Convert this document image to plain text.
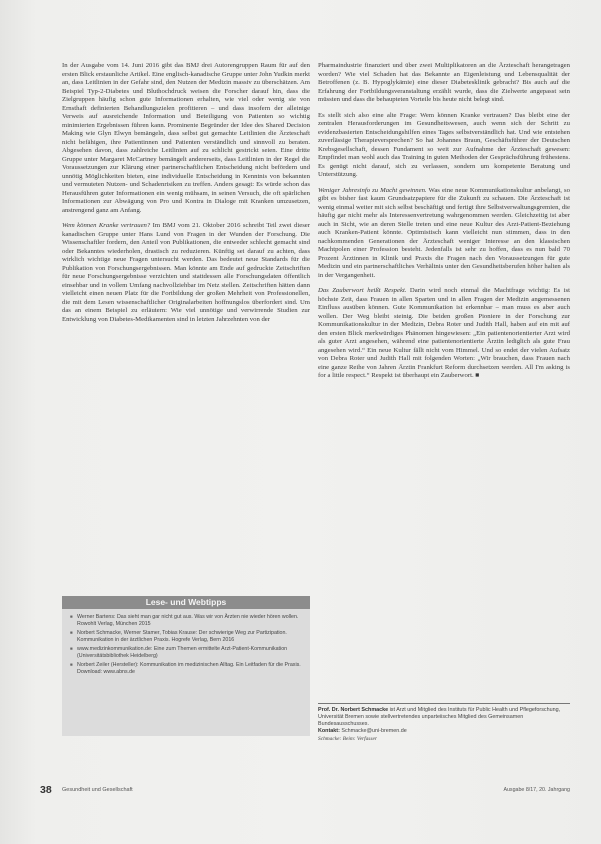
In der Ausgabe vom 14. Juni 2016 gibt das BMJ drei Autorengruppen Raum für auf den ersten Blick erstaunliche Artikel. Eine englisch-kanadische Gruppe unter John Yudkin merkt an, dass Leitlinien in der Gefahr sind, den Nutzen der Medizin massiv zu überschätzen. Am Beispiel Typ-2-Diabetes und Bluthochdruck weisen die Forscher darauf hin, dass die Zielgruppen häufig schon gute Informationen erhalten, wie viel oder wenig sie von Ernsthaft definierten Behandlungszielen profitieren – und dass insofern der alleinige Verweis auf ausreichende Information und Beteiligung von Patienten so wichtig minimierten Ergebnissen führen kann. Prominente Begründer der Idee des Shared Decision Making wie Glyn Elwyn bemängeln, dass selbst gut gemachte Leitlinien die Ärzteschaft nicht befähigen, ihre Patientinnen und Patienten verständlich und sinnvoll zu beraten. Abgesehen davon, dass zahlreiche Leitlinien auf zu schlicht gestrickt seien. Eine dritte Gruppe unter Margaret McCartney bemängelt andererseits, dass Leitlinien in der Regel die Voraussetzungen zur Klärung einer partnerschaftlichen Entscheidung nicht befördern und unnötig Möglichkeiten bieten, eine individuelle Entscheidung in Kenntnis von bekannten und vermuteten Nutzen- und Schadenrisiken zu treffen. Anders gesagt: Es würde schon das Herausführen guter Informationen ein wenig mühsam, in seinen Versuch, die oft spärlichen Informationen zur Abwägung von Pro und Kontra in Dialoge mit Kranken umzusetzen, anstrengend ganz am Anfang.

Wem können Kranke vertrauen? Im BMJ vom 21. Oktober 2016 schreibt Teil zwei dieser kanadischen Gruppe unter Hans Lund von Fragen in der Wunden der Forschung. Die Wissenschaftler fordern, den Anteil von Publikationen, die entweder schlecht gemacht sind oder Bekanntes wiederholen, drastisch zu reduzieren. Künftig sei darauf zu achten, dass wirklich wichtige neue Fragen untersucht werden. Das bedeutet neue Standards für die Publikation von Forschungsergebnissen. Man könnte am Ende auf gedruckte Zeitschriften für neue Forschungsergebnisse verzichten und stattdessen alle Forschungsdaten öffentlich einsehbar und in vollem Umfang nachvollziehbar im Netz stellen. Zeitschriften hätten dann vielleicht einen neuen Platz für die Fortbildung der großen Mehrheit von Professionellen, die mit dem Lesen wissenschaftlicher Originalarbeiten hoffnungslos überfordert sind. Um das an einem Beispiel zu erläutern: Wie viel unnötige und verwirrende Studien zur Entwicklung von Diabetes-Medikamenten sind in letzten Jahrzehnten von der

Lese- und Webtipps
■ Werner Bartens: Das sieht man gar nicht gut aus. Was wir von Ärzten nie wieder hören wollen. Rowohlt Verlag, München 2015
■ Norbert Schmacke, Werner Stamer, Tobias Krause: Der schwierige Weg zur Partizipation. Kommunikation in der ärztlichen Praxis. Hogrefe Verlag, Bern 2016
■ www.medizinkommunikation.de: Eine zum Themen ermittelte Arzt-Patient-Kommunikation (Universitätsbibliothek Heidelberg)
■ Norbert Zeiler (Hersteller): Kommunikation im medizinischen Alltag. Ein Leitfaden für die Praxis. Download: www.abns.de

Pharmaindustrie finanziert und über zwei Multiplikatoren an die Ärzteschaft herangetragen worden? Wie viel Schaden hat das Bekannte an Eigenleistung und Lebensqualität der Betroffenen (z. B. Hypoglykämie) eine dieser Diabetesklinik gebracht? Bis auch auf die Erfahrung der Fortbildungsveranstaltung erzählt wurde, dass die Zielwerte angepasst sein müssten und dass die behaupteten Vorteile bis heute nicht belegt sind.

Es stellt sich also eine alte Frage: Wem können Kranke vertrauen? Das bleibt eine der zentralen Herausforderungen im Gesundheitswesen, auch wenn sich der Schritt zu evidenzbasierten Entscheidungshilfen eines Tages selbstverständlich hat. Und wie entstehen zuverlässige Therapieversprechen? So hat Johannes Braun, Geschäftsführer der Deutschen Krebsgesellschaft, dessen Fundament so weit zur Aufnahme der Ärzteschaft gewesen: Empfindet man wohl auch das Training in guten Methoden der Gesprächsführung frühestens. Es genügt nicht darauf, sich zu verlassen, sondern um kompetente Beratung und Unterstützung.

Weniger Jahresinfo zu Macht gewinnen. Was eine neue Kommunikationskultur anbelangt, so gibt es bisher fast kaum Grundsatzpapiere für die Zukunft zu schauen. Die Ärzteschaft ist wenig einmal weiter mit sich selbst beschäftigt und fertigt ihre Selbstverwaltungsgremien, die häufig gar nicht mehr als Interessenvertretung wahrgenommen werden. Gleichzeitig ist aber auch in Sicht, wie an deren Stelle treten und eine neue Kultur des Arzt-Patient-Beziehung auch Kranken-Patient könnte. Optimistisch kann vielleicht nun stimmen, dass in den nachkommenden Generationen der Ärzteschaft weniger Interesse an den klassischen Machtpolen einer Profession besteht. Jedenfalls ist sehr zu hoffen, dass es nun bald 70 Prozent Ärztinnen in Klinik und Praxis die Fragen nach den Voraussetzungen für gute Medizin und ein partnerschaftliches Verhältnis unter den Gesundheitsberufen höher halten als in der Vergangenheit.

Das Zauberwort heißt Respekt. Darin wird noch einmal die Machtfrage wichtig: Es ist höchste Zeit, dass Frauen in allen Sparten und in allen Fragen der Medizin angemessenen Einfluss ausüben können. Gute Kommunikation ist erkennbar – man muss es aber auch wollen. Der Weg bleibt steinig. Die beiden großen Pioniere in der Forschung zur Kommunikationskultur in der Medizin, Debra Roter und Judith Hall, haben auf ein mit auf den ersten Blick merkwürdiges Phänomen hingewiesen: „Ein patientenorientierter Arzt wird als guter Arzt angesehen, während eine patientenorientierte Ärztin lediglich als gute Frau angesehen wird.“ Ein neue Kultur fällt nicht vom Himmel. Und so endet der vielen Aufsatz von Debra Roter und Judith Hall mit folgenden Worten: „Wir brauchen, dass Frauen nach eine ganze Reihe von Jahren Ärztin Frankfurt Reform durchsetzen werden. All I'm asking is for a little respect.“ Respekt ist überhaupt ein Zauberwort. ■

Prof. Dr. Norbert Schmacke ist Arzt und Mitglied des Instituts für Public Health und Pflegeforschung, Universität Bremen sowie stellvertretendes unparteiisches Mitglied des Gemeinsamen Bundesausschusses.
Kontakt: Schmacke@uni-bremen.de
Schmacke: Beim: Verfasser
38 Gesundheit und Gesellschaft	Ausgabe 8/17, 20. Jahrgang
